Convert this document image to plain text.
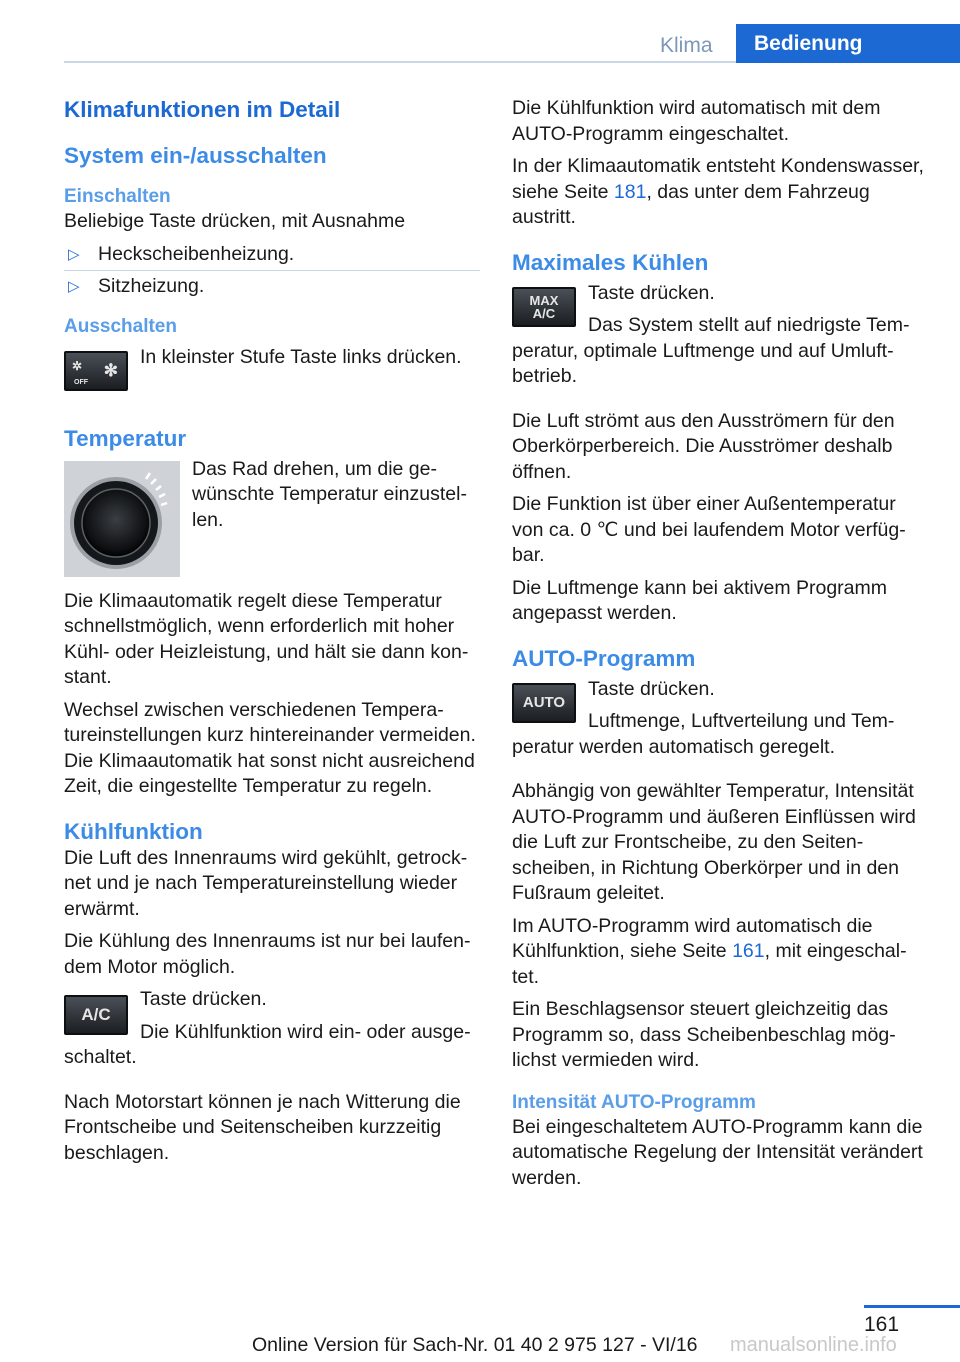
Klima	Bedienung
Klimafunktionen im Detail
System ein-/ausschalten
Einschalten
Beliebige Taste drücken, mit Ausnahme
▷ Heckscheibenheizung.
▷ Sitzheizung.
Ausschalten
✲
OFF
✻
In kleinster Stufe Taste links drücken.
Temperatur
Das Rad drehen, um die gewünschte Temperatur einzustellen.
Die Klimaautomatik regelt diese Temperatur schnellstmöglich, wenn erforderlich mit hoher Kühl- oder Heizleistung, und hält sie dann konstant.
Wechsel zwischen verschiedenen Temperatureinstellungen kurz hintereinander vermeiden. Die Klimaautomatik hat sonst nicht ausreichend Zeit, die eingestellte Temperatur zu regeln.
Kühlfunktion
Die Luft des Innenraums wird gekühlt, getrocknet und je nach Temperatureinstellung wieder erwärmt.
Die Kühlung des Innenraums ist nur bei laufendem Motor möglich.
A/C
Taste drücken.
Die Kühlfunktion wird ein- oder ausgeschaltet.
Nach Motorstart können je nach Witterung die Frontscheibe und Seitenscheiben kurzzeitig beschlagen.
Die Kühlfunktion wird automatisch mit dem AUTO-Programm eingeschaltet.
In der Klimaautomatik entsteht Kondenswasser, siehe Seite 181, das unter dem Fahrzeug austritt.
Maximales Kühlen
MAX
A/C
Taste drücken.
Das System stellt auf niedrigste Temperatur, optimale Luftmenge und auf Umluftbetrieb.
Die Luft strömt aus den Ausströmern für den Oberkörperbereich. Die Ausströmer deshalb öffnen.
Die Funktion ist über einer Außentemperatur von ca. 0 ℃ und bei laufendem Motor verfügbar.
Die Luftmenge kann bei aktivem Programm angepasst werden.
AUTO-Programm
AUTO
Taste drücken.
Luftmenge, Luftverteilung und Temperatur werden automatisch geregelt.
Abhängig von gewählter Temperatur, Intensität AUTO-Programm und äußeren Einflüssen wird die Luft zur Frontscheibe, zu den Seitenscheiben, in Richtung Oberkörper und in den Fußraum geleitet.
Im AUTO-Programm wird automatisch die Kühlfunktion, siehe Seite 161, mit eingeschaltet.
Ein Beschlagsensor steuert gleichzeitig das Programm so, dass Scheibenbeschlag möglichst vermieden wird.
Intensität AUTO-Programm
Bei eingeschaltetem AUTO-Programm kann die automatische Regelung der Intensität verändert werden.
161
Online Version für Sach-Nr. 01 40 2 975 127 - VI/16 manualsonline.info
